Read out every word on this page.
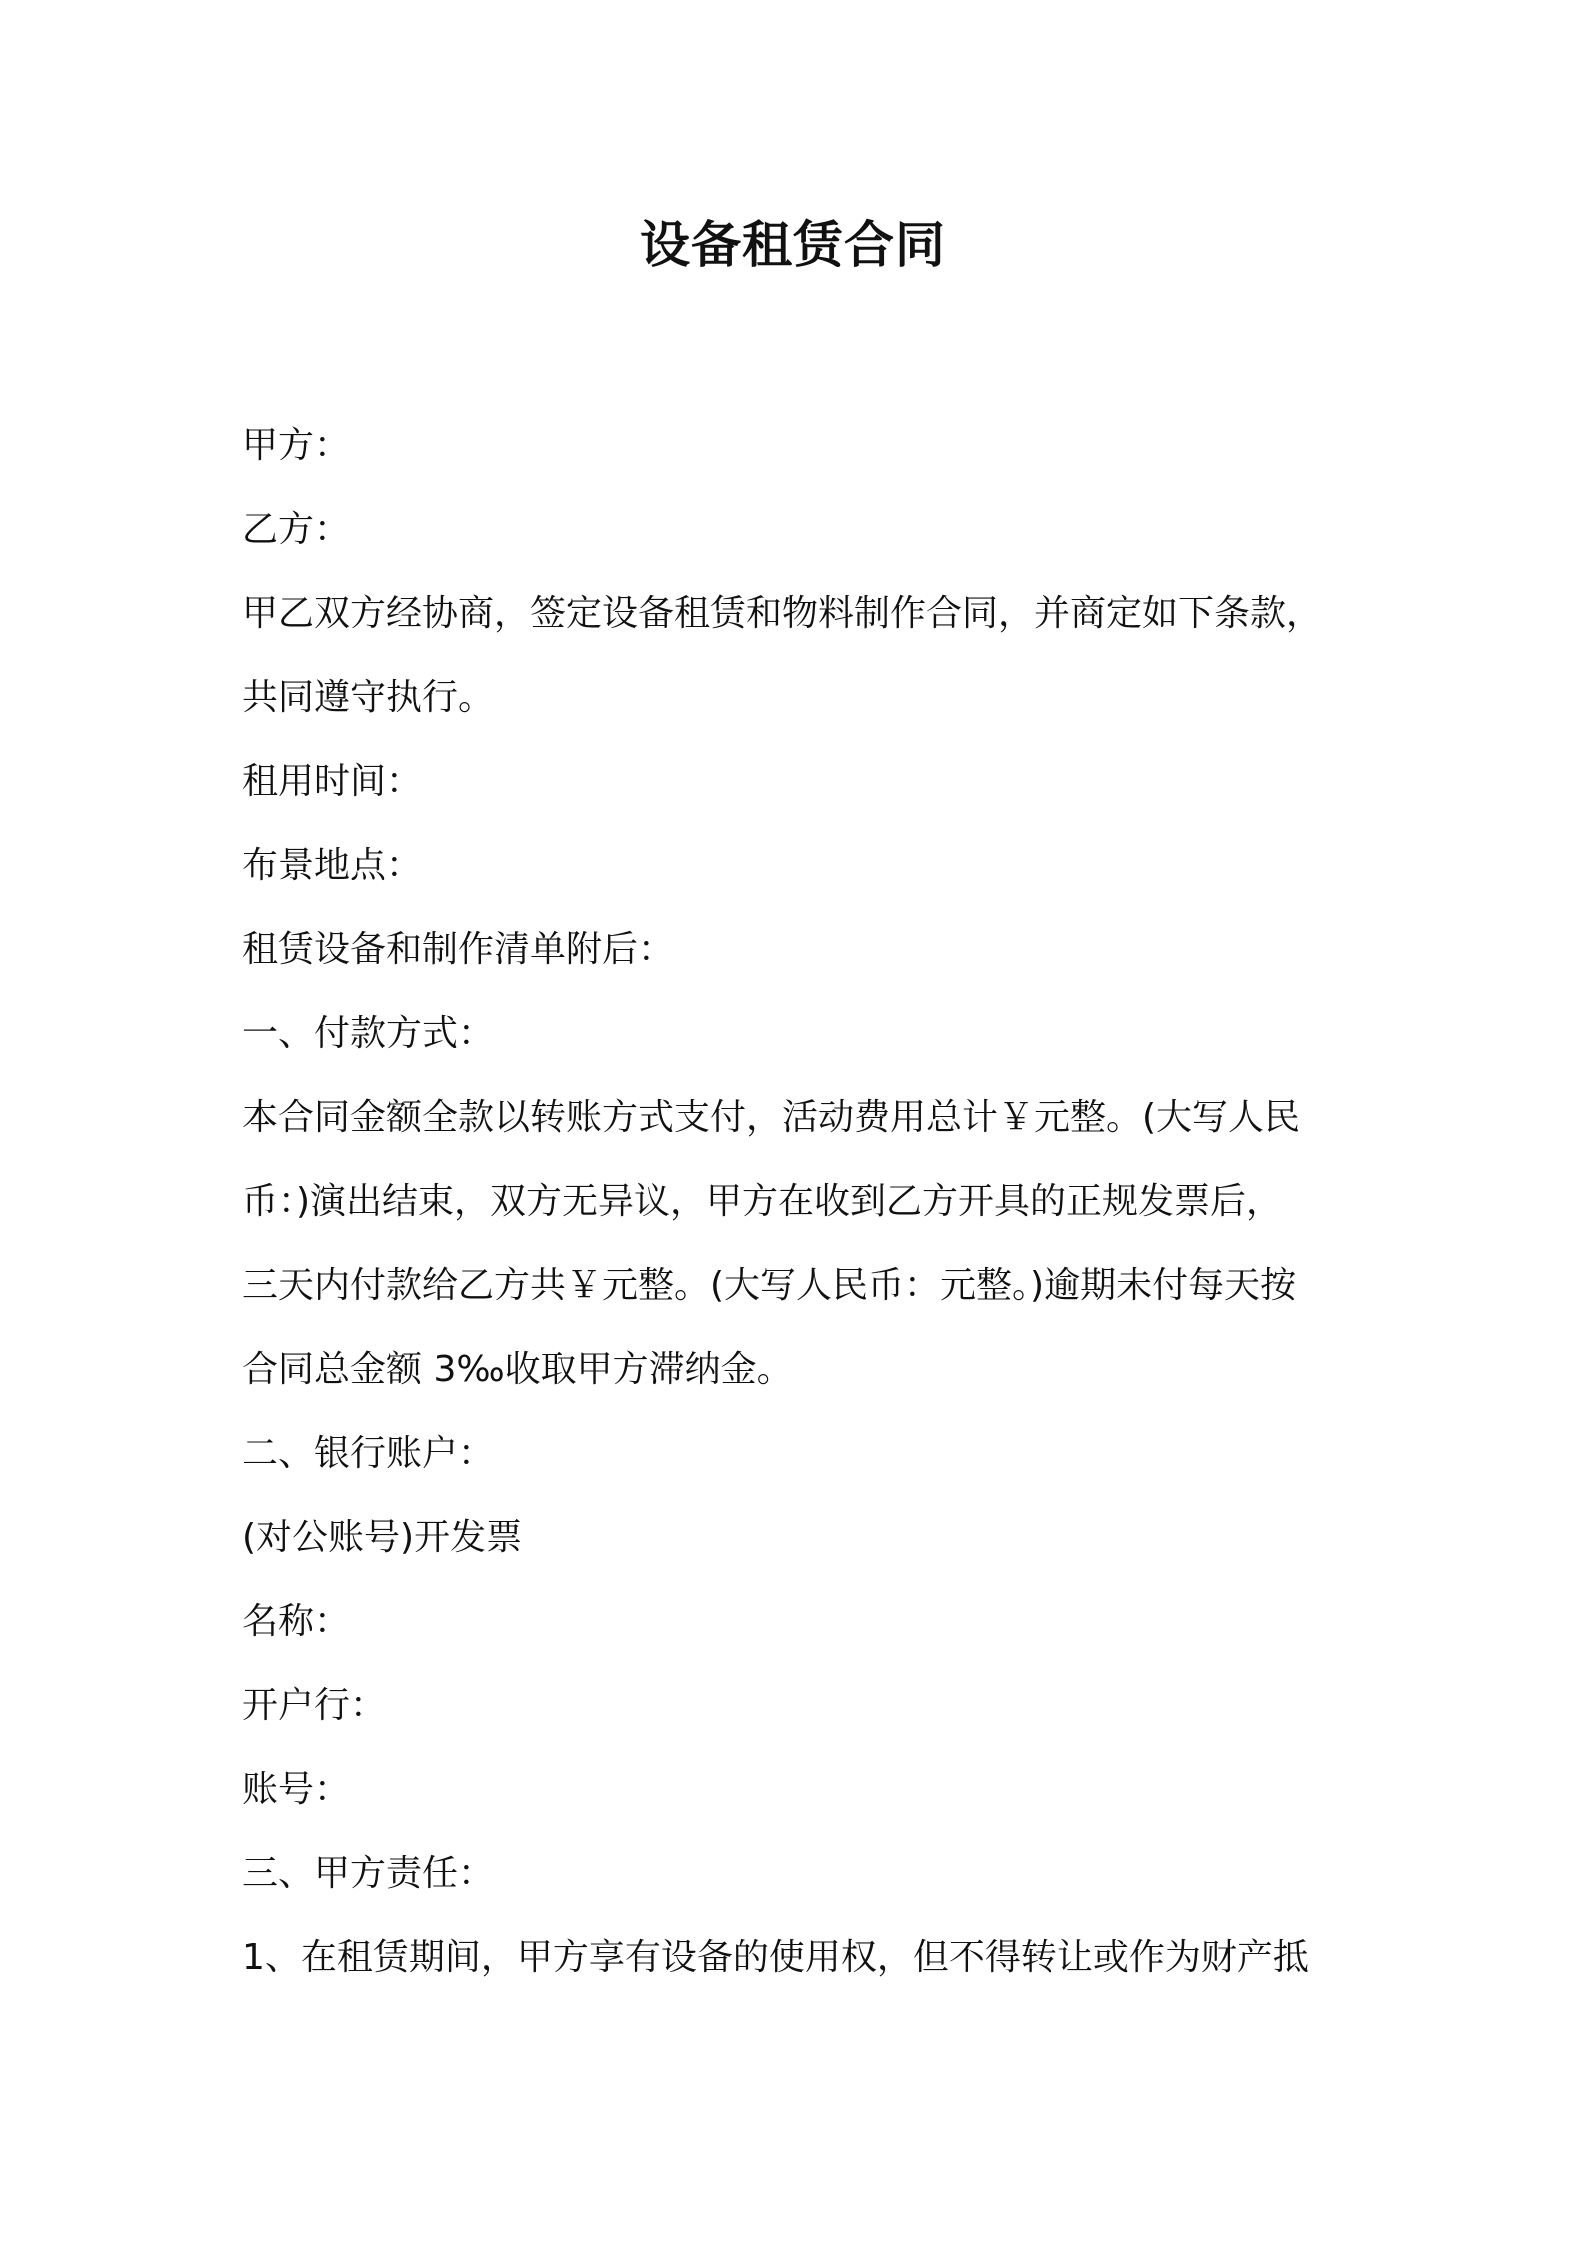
设备租赁合同
甲方：
乙方：
甲乙双方经协商，签定设备租赁和物料制作合同，并商定如下条款，
共同遵守执行。
租用时间：
布景地点：
租赁设备和制作清单附后：
一、付款方式：
本合同金额全款以转账方式支付，活动费用总计￥元整。(大写人民
币：)演出结束，双方无异议，甲方在收到乙方开具的正规发票后，
三天内付款给乙方共￥元整。(大写人民币：元整。)逾期未付每天按
合同总金额 3‰收取甲方滞纳金。
二、银行账户：
(对公账号)开发票
名称：
开户行：
账号：
三、甲方责任：
1、在租赁期间，甲方享有设备的使用权，但不得转让或作为财产抵
